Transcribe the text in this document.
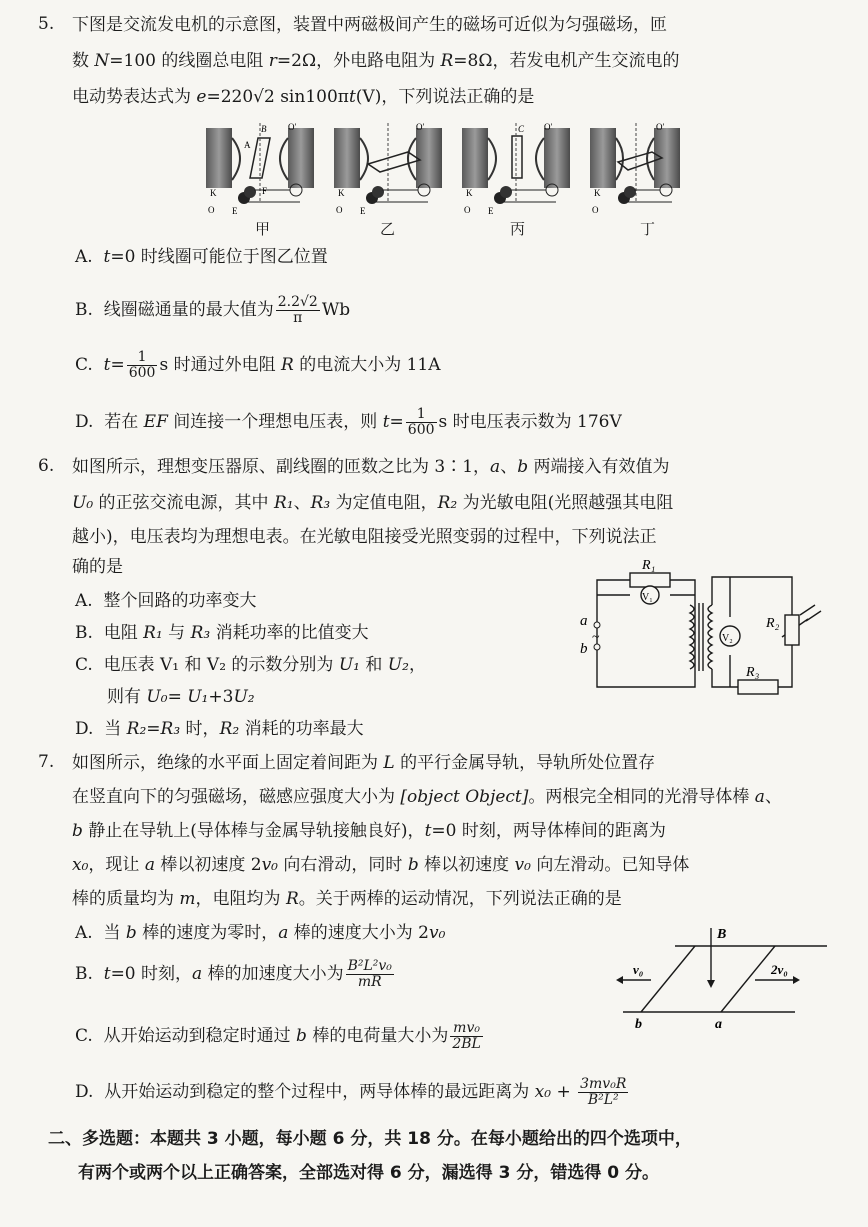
5. 下图是交流发电机的示意图，装置中两磁极间产生的磁场可近似为匀强磁场，匝
数 N=100 的线圈总电阻 r=2Ω，外电路电阻为 R=8Ω，若发电机产生交流电的
电动势表达式为 e=220√2 sin100πt(V)，下列说法正确的是
B O′
A
K
O E
F
O′
K
O E
C O′
K
O E
O′
K
O
甲	乙	丙	丁
A. t=0 时线圈可能位于图乙位置
B. 线圈磁通量的最大值为 $\frac{2.2√2}{\pi}$ Wb
C. $t= \frac{1}{600}$ s 时通过外电阻 R 的电流大小为 11A
D. 若在 EF 间连接一个理想电压表，则 $t= \frac{1}{600}$ s 时电压表示数为 176V
6. 如图所示，理想变压器原、副线圈的匝数之比为 3∶1，a、b 两端接入有效值为
U₀ 的正弦交流电源，其中 R₁、R₃ 为定值电阻，R₂ 为光敏电阻(光照越强其电阻
越小)，电压表均为理想电表。在光敏电阻接受光照变弱的过程中，下列说法正
确的是
A. 整个回路的功率变大
B. 电阻 R₁ 与 R₃ 消耗功率的比值变大
C. 电压表 V₁ 和 V₂ 的示数分别为 U₁ 和 U₂，
则有 U₀= U₁+3U₂
D. 当 R₂=R₃ 时，R₂ 消耗的功率最大
R₁
V₁
V₂
R₂
R₃
a
b
~
7. 如图所示，绝缘的水平面上固定着间距为 L 的平行金属导轨，导轨所处位置存
在竖直向下的匀强磁场，磁感应强度大小为 [object Object]。两根完全相同的光滑导体棒 a、
b 静止在导轨上(导体棒与金属导轨接触良好)，t=0 时刻，两导体棒间的距离为
x₀，现让 a 棒以初速度 2v₀ 向右滑动，同时 b 棒以初速度 v₀ 向左滑动。已知导体
棒的质量均为 m，电阻均为 R。关于两棒的运动情况，下列说法正确的是
A. 当 b 棒的速度为零时，a 棒的速度大小为 2v₀
B. t=0 时刻，a 棒的加速度大小为 $\frac{\text{B²L²v₀}}{mR}$
C. 从开始运动到稳定时通过 b 棒的电荷量大小为 $\frac{\text{mv₀}}{2BL}$
D. 从开始运动到稳定的整个过程中，两导体棒的最远距离为 $x_0 + \frac{\text{3mv₀R}}{\text{B²L²}}$
B
v₀	2v₀
b	a
二、多选题：本题共 3 小题，每小题 6 分，共 18 分。在每小题给出的四个选项中，
有两个或两个以上正确答案，全部选对得 6 分，漏选得 3 分，错选得 0 分。
